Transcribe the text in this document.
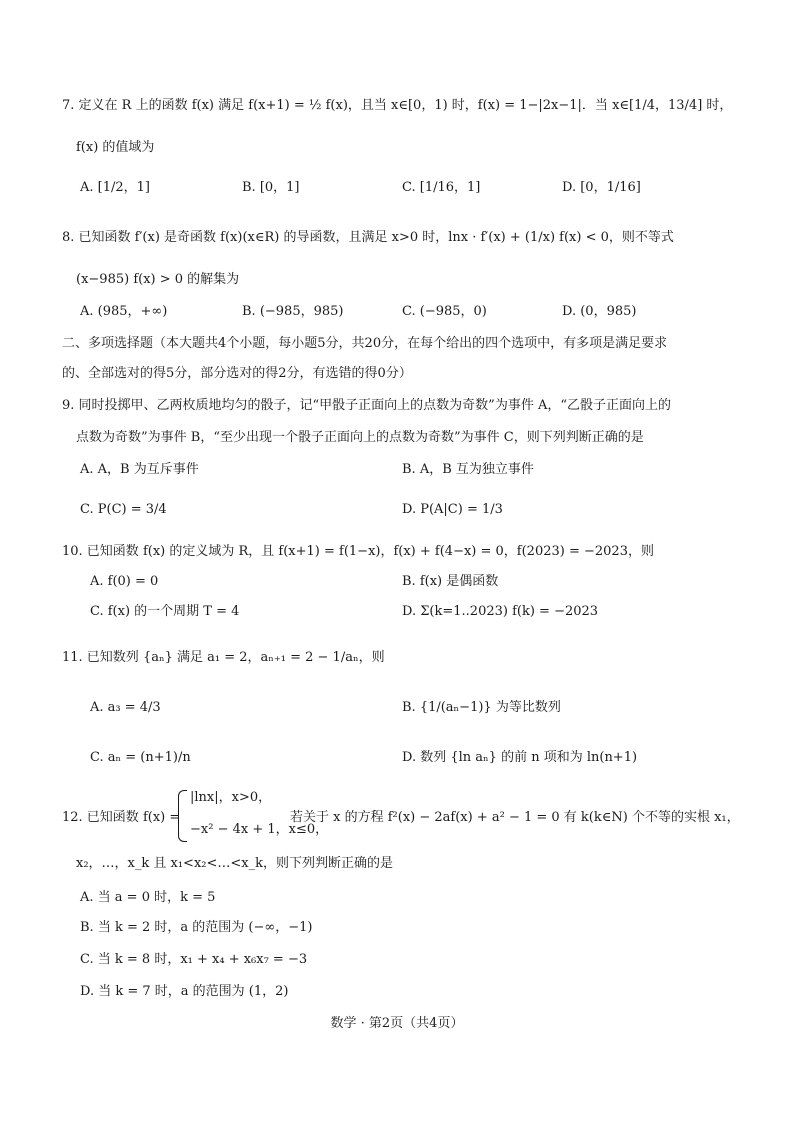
7. 定义在 R 上的函数 f(x) 满足 f(x+1) = ½ f(x)，且当 x∈[0，1) 时，f(x) = 1−|2x−1|．当 x∈[1/4，13/4] 时，
f(x) 的值域为
A. [1/2，1]	B. [0，1]	C. [1/16，1]	D. [0，1/16]
8. 已知函数 f′(x) 是奇函数 f(x)(x∈R) 的导函数，且满足 x>0 时，lnx · f′(x) + (1/x) f(x) < 0，则不等式
(x−985) f(x) > 0 的解集为
A. (985，+∞)	B. (−985，985)	C. (−985，0)	D. (0，985)
二、多项选择题（本大题共4个小题，每小题5分，共20分，在每个给出的四个选项中，有多项是满足要求
的、全部选对的得5分，部分选对的得2分，有选错的得0分）
9. 同时投掷甲、乙两枚质地均匀的骰子，记“甲骰子正面向上的点数为奇数”为事件 A，“乙骰子正面向上的
点数为奇数”为事件 B，“至少出现一个骰子正面向上的点数为奇数”为事件 C，则下列判断正确的是
A. A，B 为互斥事件	B. A，B 互为独立事件
C. P(C) = 3/4	D. P(A|C) = 1/3
10. 已知函数 f(x) 的定义域为 R，且 f(x+1) = f(1−x)，f(x) + f(4−x) = 0，f(2023) = −2023，则
A. f(0) = 0	B. f(x) 是偶函数
C. f(x) 的一个周期 T = 4	D. Σ(k=1..2023) f(k) = −2023
11. 已知数列 {aₙ} 满足 a₁ = 2，aₙ₊₁ = 2 − 1/aₙ，则
A. a₃ = 4/3	B. {1/(aₙ−1)} 为等比数列
C. aₙ = (n+1)/n	D. 数列 {ln aₙ} 的前 n 项和为 ln(n+1)
12. 已知函数 f(x) =
|lnx|，x>0，
−x² − 4x + 1，x≤0，
若关于 x 的方程 f²(x) − 2af(x) + a² − 1 = 0 有 k(k∈N) 个不等的实根 x₁，
x₂，…，x_k 且 x₁<x₂<…<x_k，则下列判断正确的是
A. 当 a = 0 时，k = 5
B. 当 k = 2 时，a 的范围为 (−∞，−1)
C. 当 k = 8 时，x₁ + x₄ + x₆x₇ = −3
D. 当 k = 7 时，a 的范围为 (1，2)
数学 · 第2页（共4页）
